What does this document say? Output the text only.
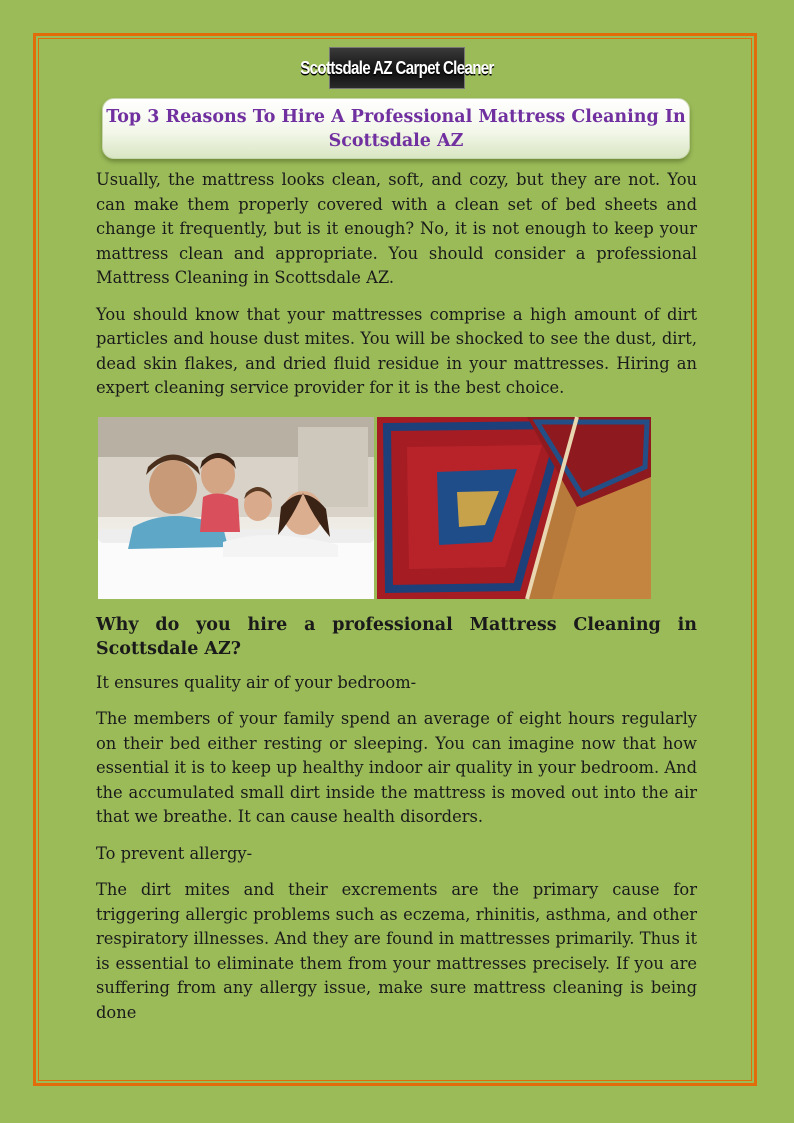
Scottsdale AZ Carpet Cleaner
Top 3 Reasons To Hire A Professional Mattress Cleaning In Scottsdale AZ

Usually, the mattress looks clean, soft, and cozy, but they are not. You can make them properly covered with a clean set of bed sheets and change it frequently, but is it enough? No, it is not enough to keep your mattress clean and appropriate. You should consider a professional Mattress Cleaning in Scottsdale AZ.

You should know that your mattresses comprise a high amount of dirt particles and house dust mites. You will be shocked to see the dust, dirt, dead skin flakes, and dried fluid residue in your mattresses. Hiring an expert cleaning service provider for it is the best choice.

Why do you hire a professional Mattress Cleaning in Scottsdale AZ?

It ensures quality air of your bedroom-

The members of your family spend an average of eight hours regularly on their bed either resting or sleeping. You can imagine now that how essential it is to keep up healthy indoor air quality in your bedroom. And the accumulated small dirt inside the mattress is moved out into the air that we breathe. It can cause health disorders.

To prevent allergy-

The dirt mites and their excrements are the primary cause for triggering allergic problems such as eczema, rhinitis, asthma, and other respiratory illnesses. And they are found in mattresses primarily. Thus it is essential to eliminate them from your mattresses precisely. If you are suffering from any allergy issue, make sure mattress cleaning is being done
